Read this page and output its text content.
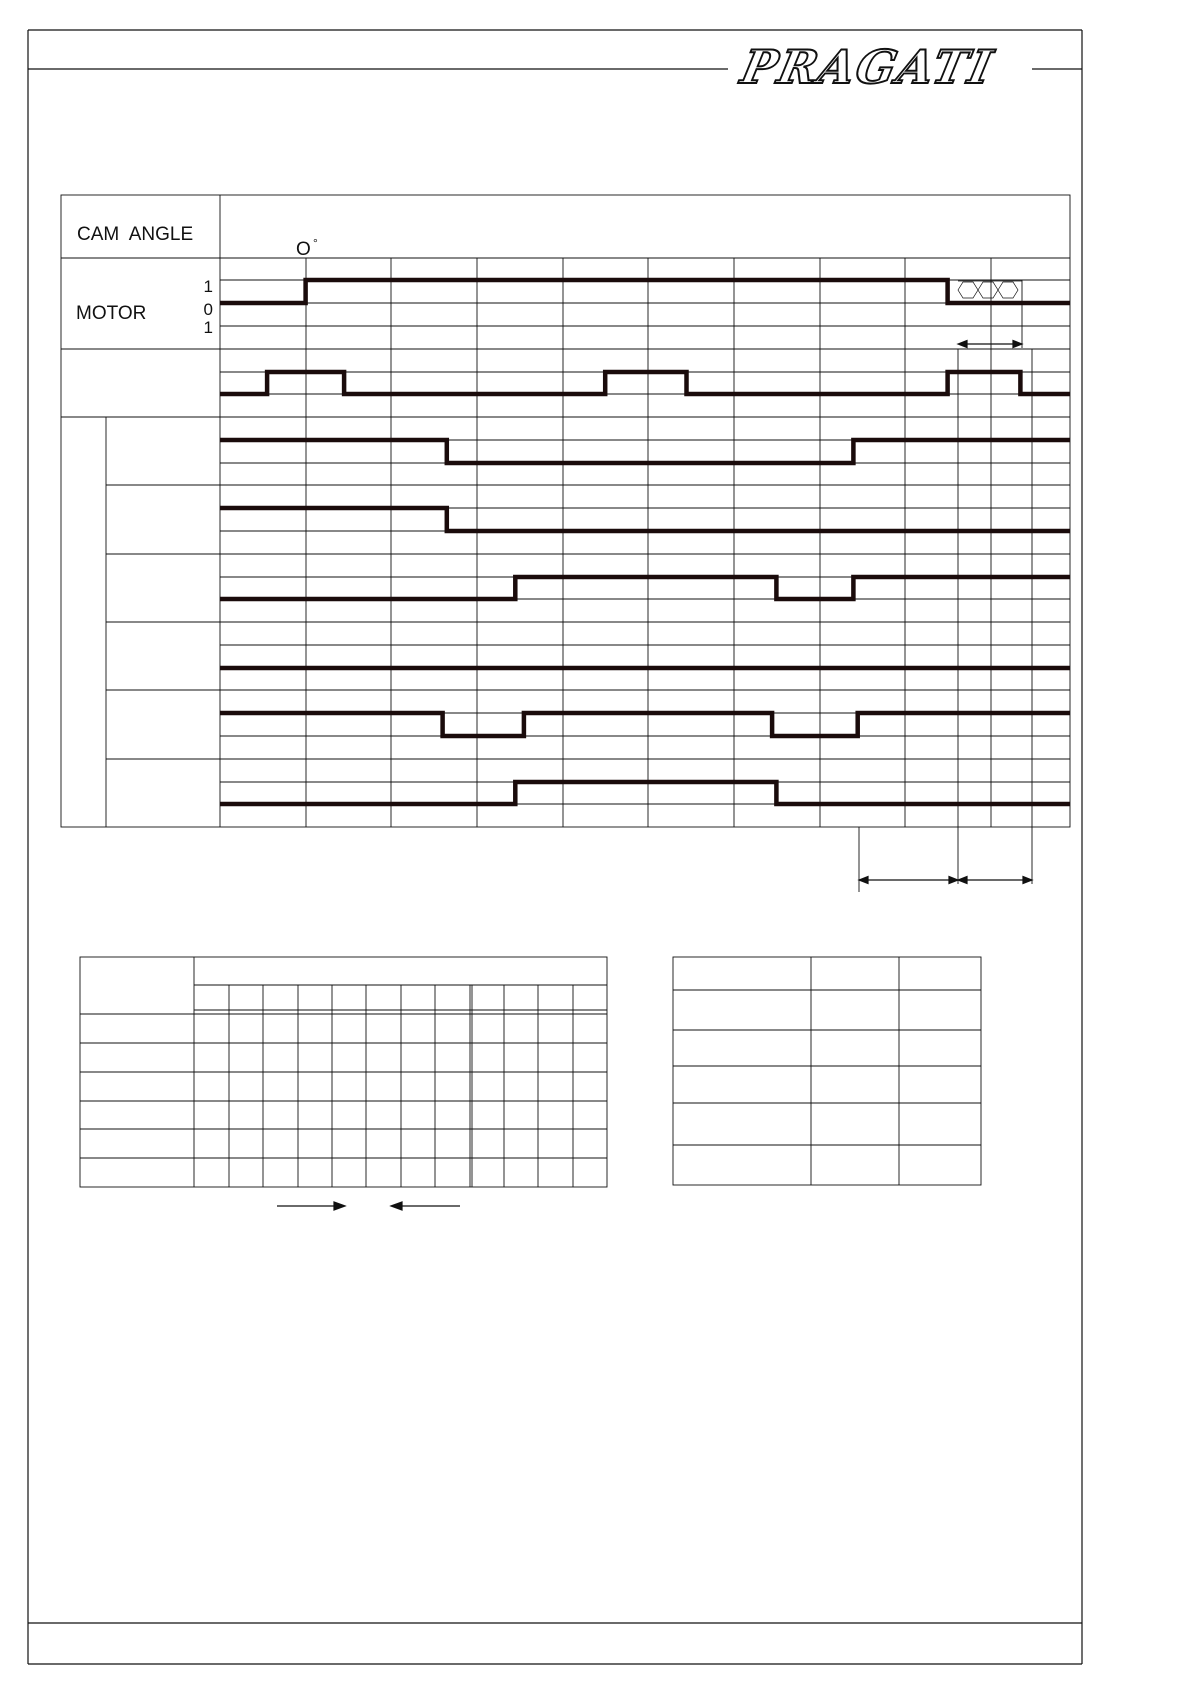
PRAGATI
CAM  ANGLE
O °
MOTOR
1
0
1
